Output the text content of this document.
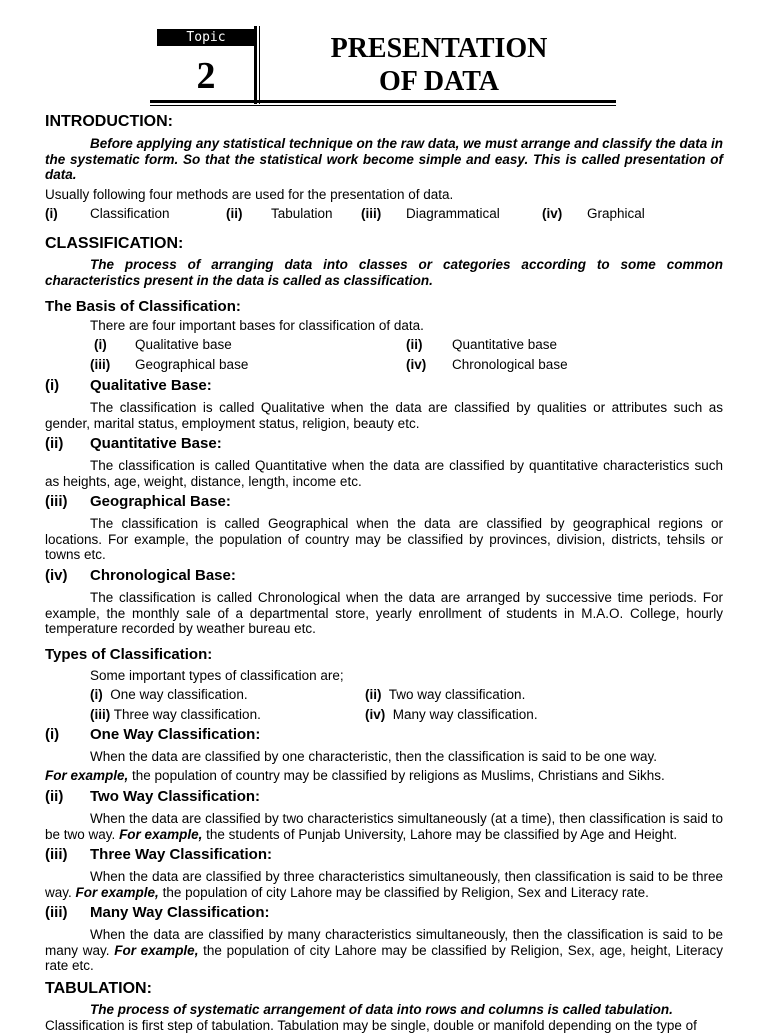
Topic
2
PRESENTATION
OF DATA
INTRODUCTION:
Before applying any statistical technique on the raw data, we must arrange and classify the data in the systematic form. So that the statistical work become simple and easy. This is called presentation of data.
Usually following four methods are used for the presentation of data.
(i) Classification	(ii) Tabulation (iii) Diagrammatical	(iv) Graphical
CLASSIFICATION:
The process of arranging data into classes or categories according to some common characteristics present in the data is called as classification.
The Basis of Classification:
There are four important bases for classification of data.
(i) Qualitative base	(ii) Quantitative base
(iii) Geographical base	(iv) Chronological base
(i) Qualitative Base:
The classification is called Qualitative when the data are classified by qualities or attributes such as gender, marital status, employment status, religion, beauty etc.
(ii) Quantitative Base:
The classification is called Quantitative when the data are classified by quantitative characteristics such as heights, age, weight, distance, length, income etc.
(iii) Geographical Base:
The classification is called Geographical when the data are classified by geographical regions or locations. For example, the population of country may be classified by provinces, division, districts, tehsils or towns etc.
(iv) Chronological Base:
The classification is called Chronological when the data are arranged by successive time periods. For example, the monthly sale of a departmental store, yearly enrollment of students in M.A.O. College, hourly temperature recorded by weather bureau etc.
Types of Classification:
Some important types of classification are;
(i) One way classification.	(ii) Two way classification.
(iii) Three way classification.	(iv) Many way classification.
(i) One Way Classification:
When the data are classified by one characteristic, then the classification is said to be one way.
For example, the population of country may be classified by religions as Muslims, Christians and Sikhs.
(ii) Two Way Classification:
When the data are classified by two characteristics simultaneously (at a time), then classification is said to be two way. For example, the students of Punjab University, Lahore may be classified by Age and Height.
(iii) Three Way Classification:
When the data are classified by three characteristics simultaneously, then classification is said to be three way. For example, the population of city Lahore may be classified by Religion, Sex and Literacy rate.
(iii) Many Way Classification:
When the data are classified by many characteristics simultaneously, then the classification is said to be many way. For example, the population of city Lahore may be classified by Religion, Sex, age, height, Literacy rate etc.
TABULATION:
The process of systematic arrangement of data into rows and columns is called tabulation.
Classification is first step of tabulation. Tabulation may be single, double or manifold depending on the type of
